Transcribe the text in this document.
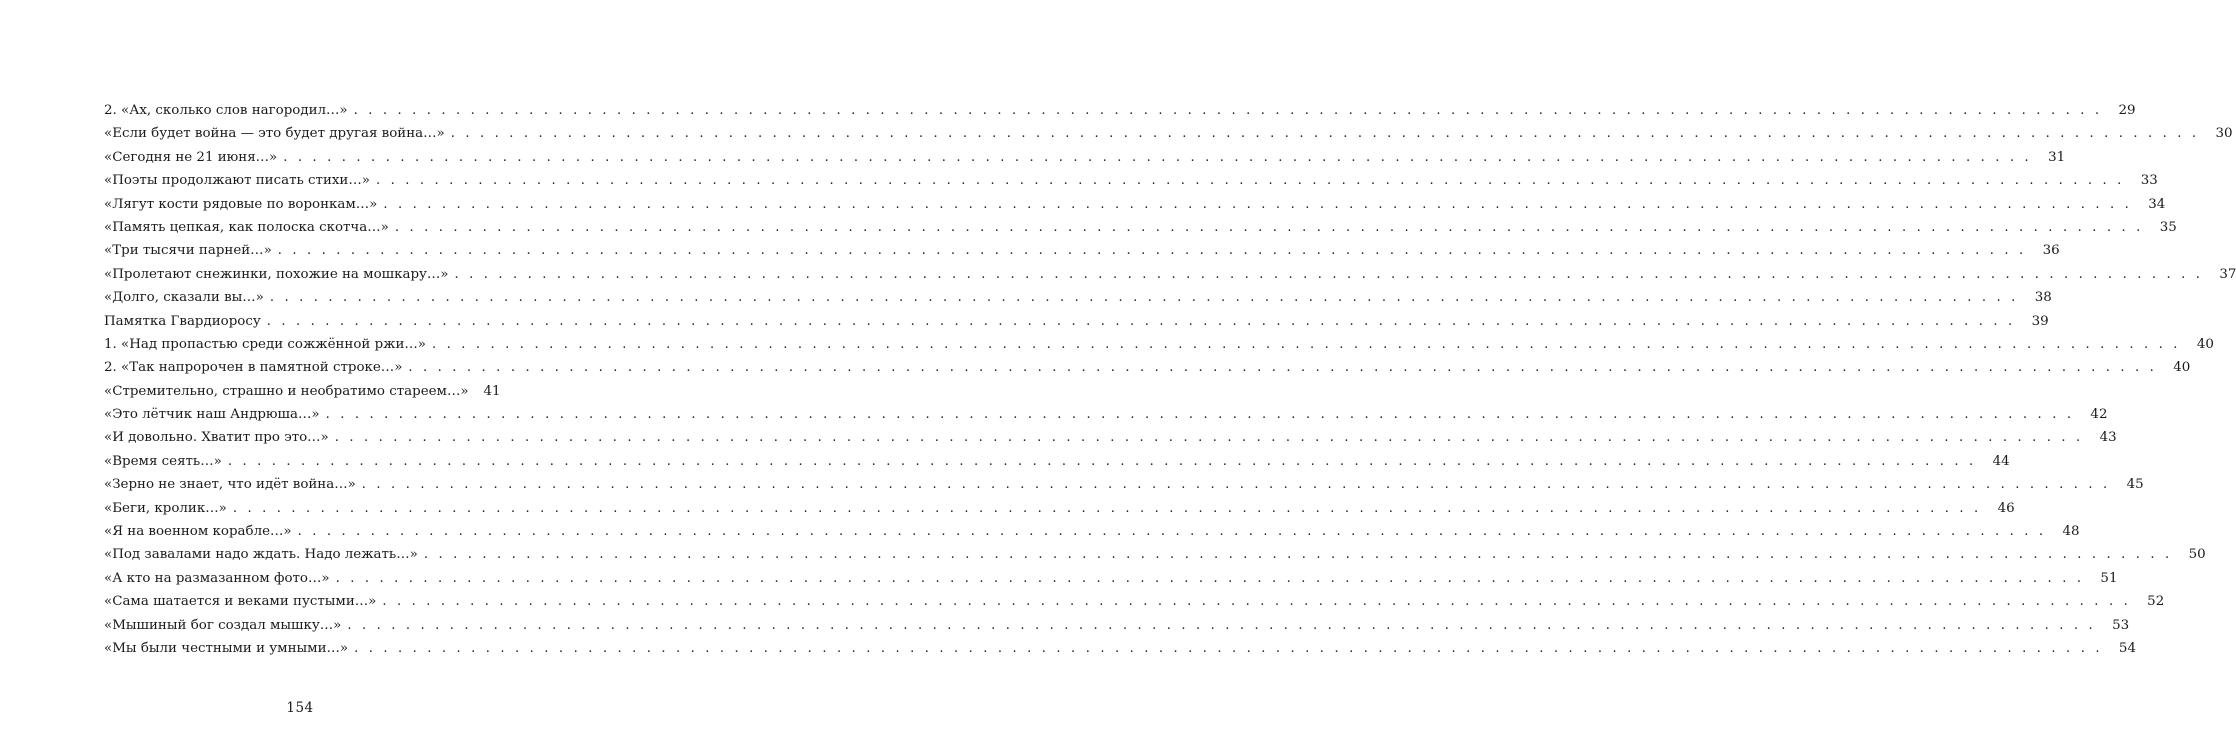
2. «Ах, сколько слов нагородил…» ........................................................................................................................ 29
«Если будет война — это будет другая война…» ........................................................................................................................ 30
«Сегодня не 21 июня…» ........................................................................................................................ 31
«Поэты продолжают писать стихи…» ........................................................................................................................ 33
«Лягут кости рядовые по воронкам…» ........................................................................................................................ 34
«Память цепкая, как полоска скотча…» ........................................................................................................................ 35
«Три тысячи парней…» ........................................................................................................................ 36
«Пролетают снежинки, похожие на мошкару…» ........................................................................................................................ 37
«Долго, сказали вы…» ........................................................................................................................ 38
Памятка Гвардиоросу ........................................................................................................................ 39
1. «Над пропастью среди сожжённой ржи…» ........................................................................................................................ 40
2. «Так напророчен в памятной строке…» ........................................................................................................................ 40
«Стремительно, страшно и необратимо стареем…»	41
«Это лётчик наш Андрюша…» ........................................................................................................................ 42
«И довольно. Хватит про это…» ........................................................................................................................ 43
«Время сеять…» ........................................................................................................................ 44
«Зерно не знает, что идёт война…» ........................................................................................................................ 45
«Беги, кролик…» ........................................................................................................................ 46
«Я на военном корабле…» ........................................................................................................................ 48
«Под завалами надо ждать. Надо лежать…» ........................................................................................................................ 50
«А кто на размазанном фото…» ........................................................................................................................ 51
«Сама шатается и веками пустыми…» ........................................................................................................................ 52
«Мышиный бог создал мышку…» ........................................................................................................................ 53
«Мы были честными и умными…» ........................................................................................................................ 54
154
